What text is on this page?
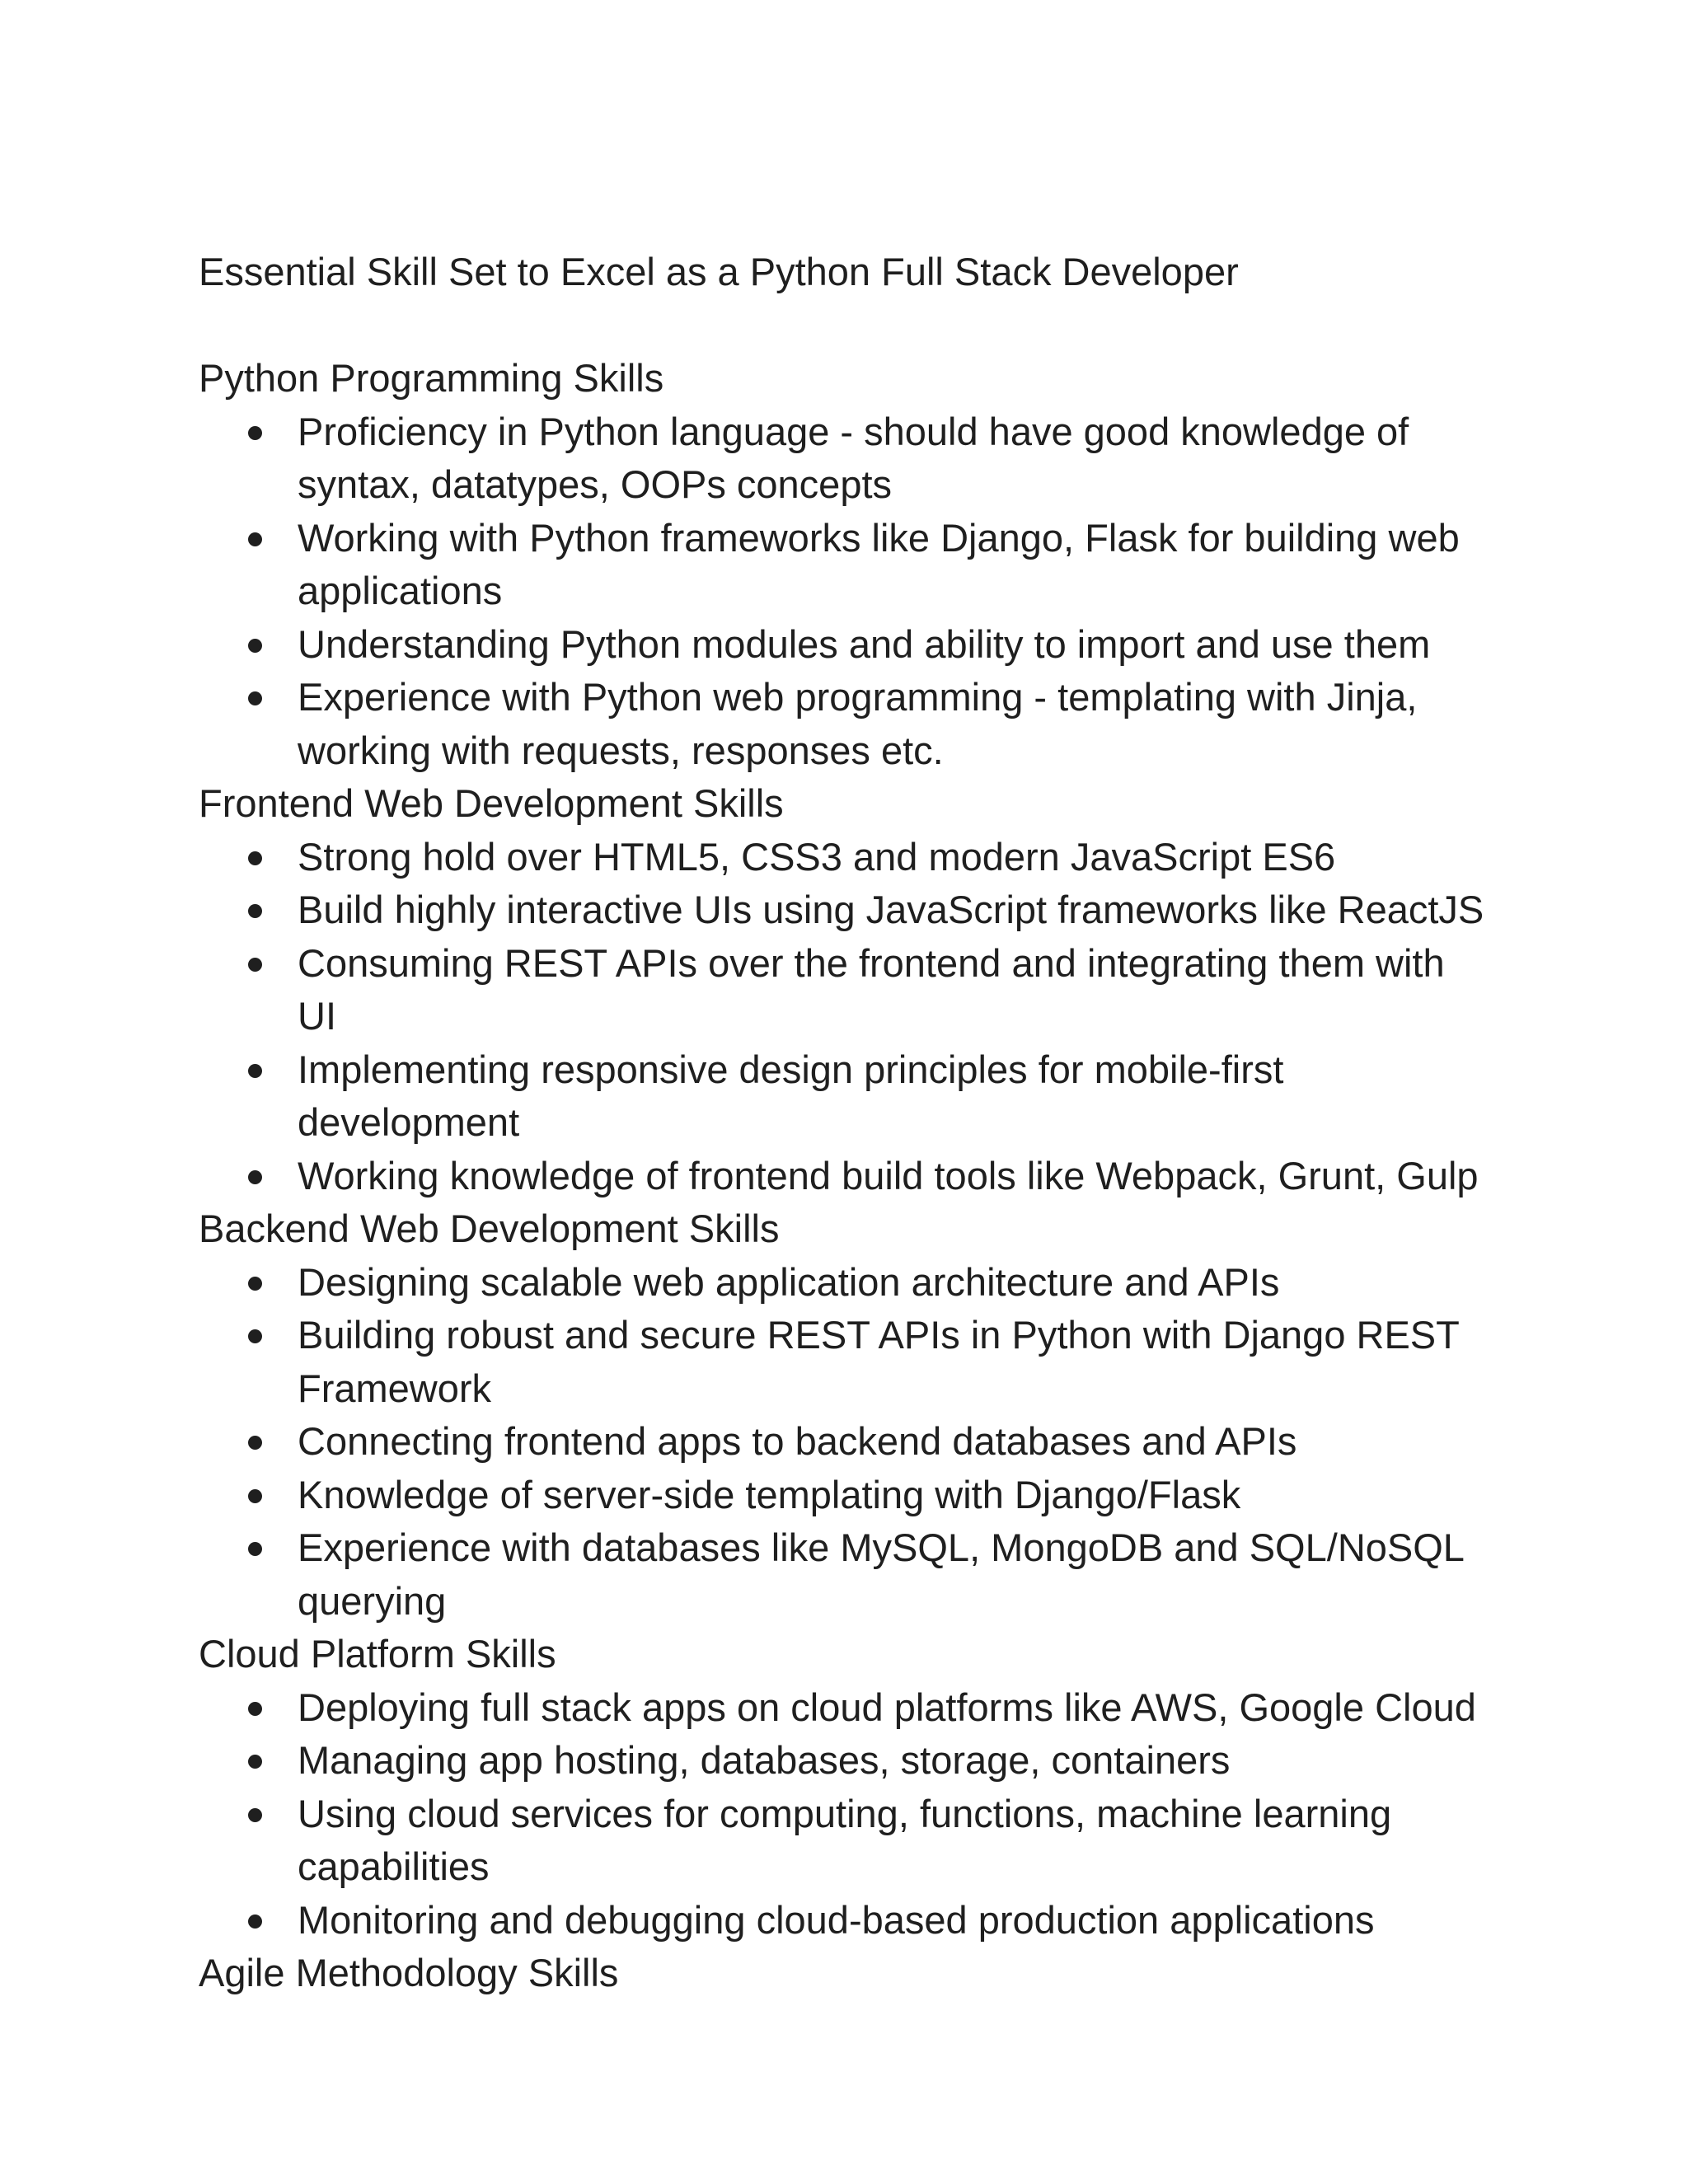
Essential Skill Set to Excel as a Python Full Stack Developer
Python Programming Skills
Proficiency in Python language - should have good knowledge of syntax, datatypes, OOPs concepts
Working with Python frameworks like Django, Flask for building web applications
Understanding Python modules and ability to import and use them
Experience with Python web programming - templating with Jinja, working with requests, responses etc.
Frontend Web Development Skills
Strong hold over HTML5, CSS3 and modern JavaScript ES6
Build highly interactive UIs using JavaScript frameworks like ReactJS
Consuming REST APIs over the frontend and integrating them with UI
Implementing responsive design principles for mobile-first development
Working knowledge of frontend build tools like Webpack, Grunt, Gulp
Backend Web Development Skills
Designing scalable web application architecture and APIs
Building robust and secure REST APIs in Python with Django REST Framework
Connecting frontend apps to backend databases and APIs
Knowledge of server-side templating with Django/Flask
Experience with databases like MySQL, MongoDB and SQL/NoSQL querying
Cloud Platform Skills
Deploying full stack apps on cloud platforms like AWS, Google Cloud
Managing app hosting, databases, storage, containers
Using cloud services for computing, functions, machine learning capabilities
Monitoring and debugging cloud-based production applications
Agile Methodology Skills
